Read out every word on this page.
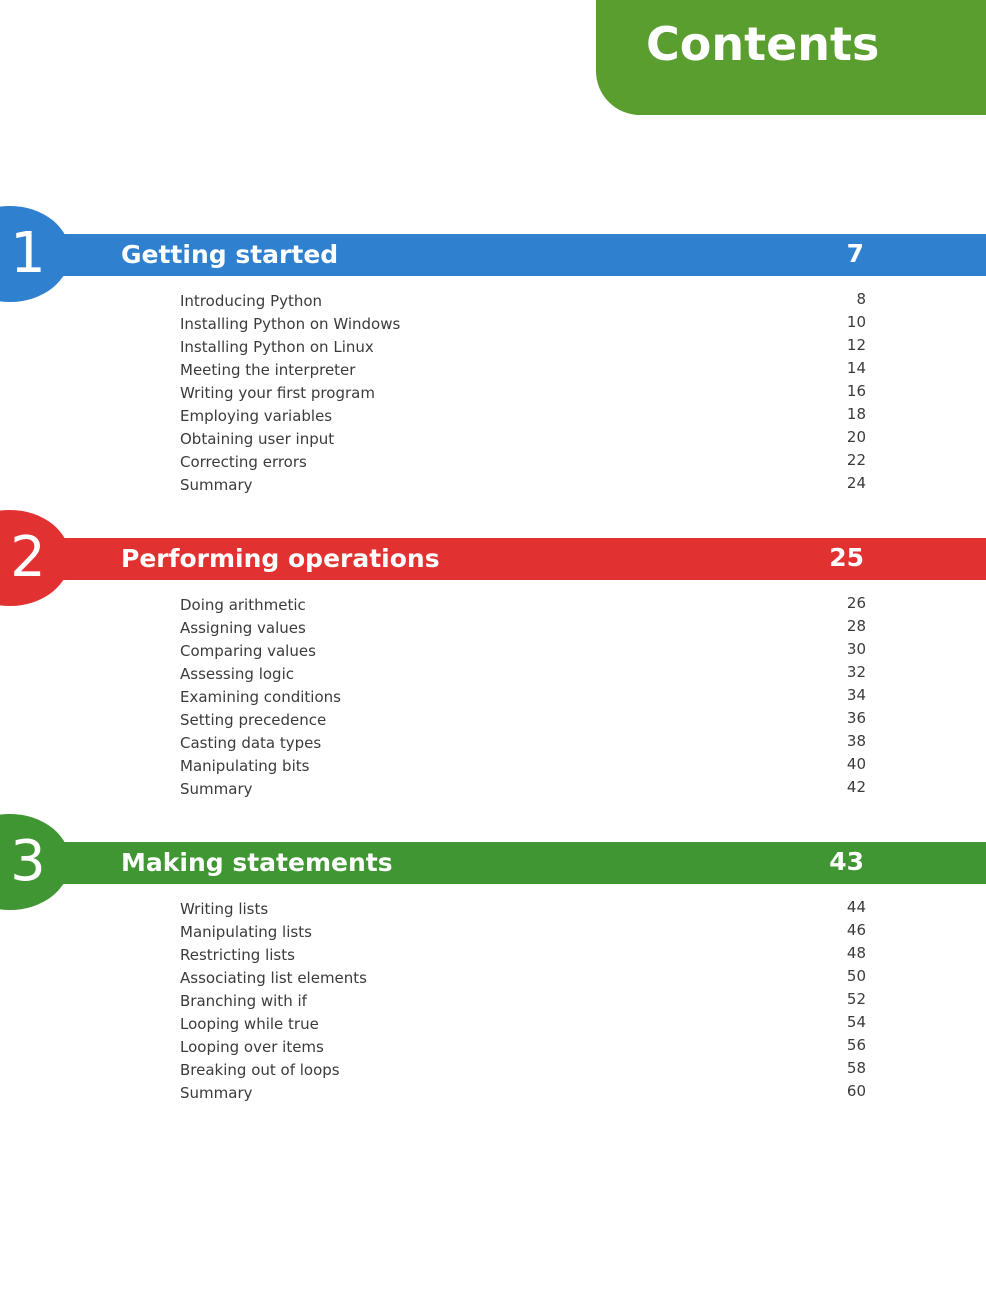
Contents
1	Getting started	7
Introducing Python	8
Installing Python on Windows	10
Installing Python on Linux	12
Meeting the interpreter	14
Writing your first program	16
Employing variables	18
Obtaining user input	20
Correcting errors	22
Summary	24
2	Performing operations	25
Doing arithmetic	26
Assigning values	28
Comparing values	30
Assessing logic	32
Examining conditions	34
Setting precedence	36
Casting data types	38
Manipulating bits	40
Summary	42
3	Making statements	43
Writing lists	44
Manipulating lists	46
Restricting lists	48
Associating list elements	50
Branching with if	52
Looping while true	54
Looping over items	56
Breaking out of loops	58
Summary	60
